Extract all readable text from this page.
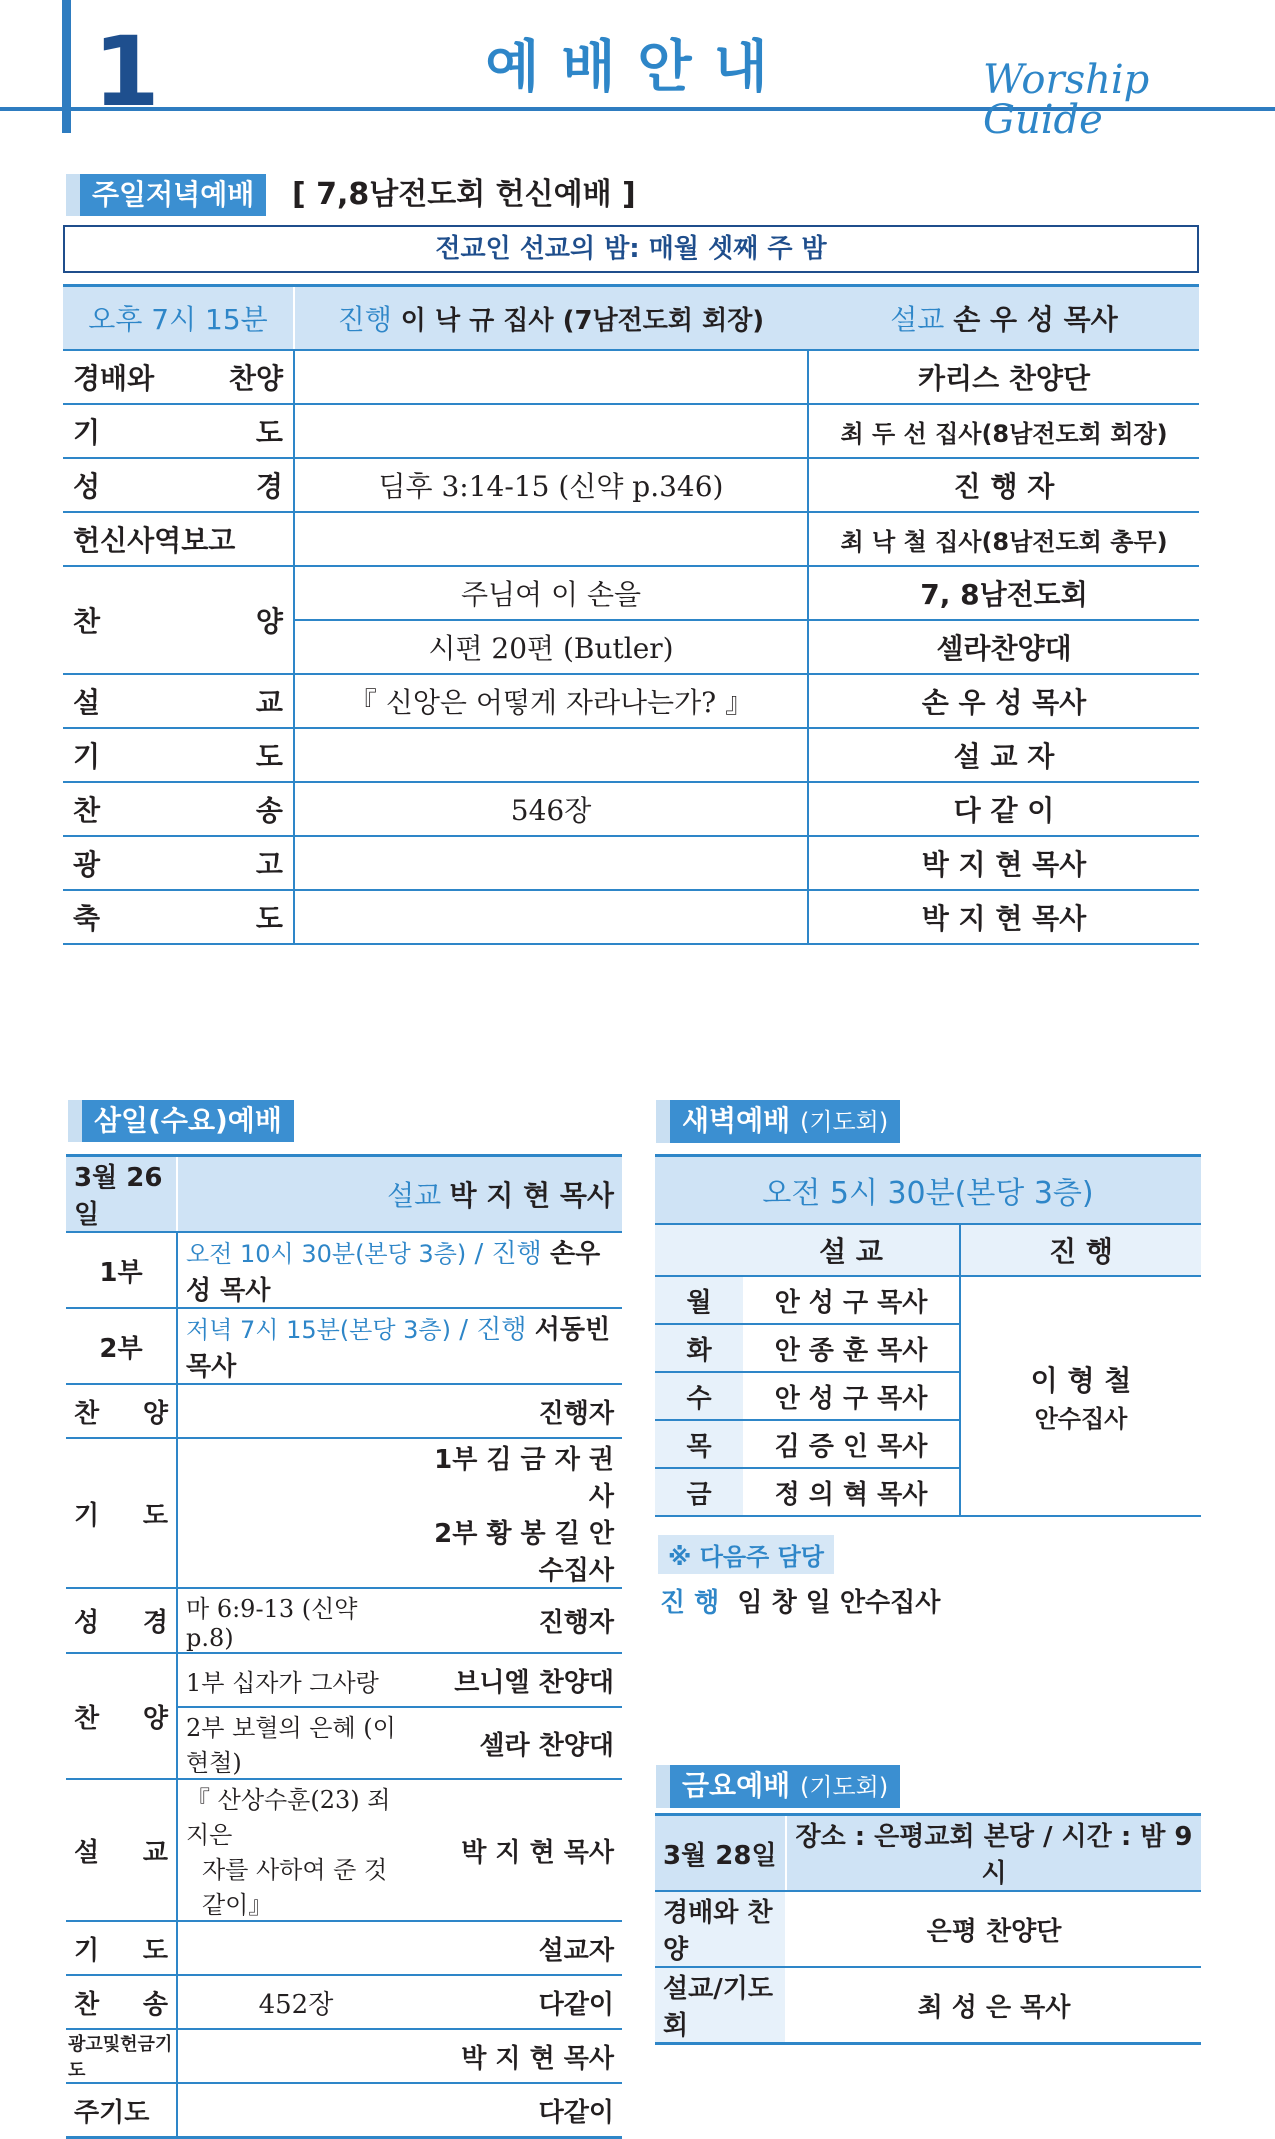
1	예배안내	Worship Guide
주일저녁예배	[ 7,8남전도회 헌신예배 ]
전교인 선교의 밤: 매월 셋째 주 밤
오후 7시 15분	진행 이 낙 규 집사 (7남전도회 회장)	설교 손 우 성 목사
경배와 찬양		카리스 찬양단
기 도		최 두 선 집사(8남전도회 회장)
성 경	딤후 3:14-15 (신약 p.346)	진 행 자
헌신사역보고		최 낙 철 집사(8남전도회 총무)
찬 양	주님여 이 손을	7, 8남전도회
	시편 20편 (Butler)	셀라찬양대
설 교	『 신앙은 어떻게 자라나는가? 』	손 우 성 목사
기 도		설 교 자
찬 송	546장	다 같 이
광 고		박 지 현 목사
축 도		박 지 현 목사
삼일(수요)예배
3월 26일	설교 박 지 현 목사	
1부	오전 10시 30분(본당 3층) / 진행 손우성 목사	
2부	저녁 7시 15분(본당 3층) / 진행 서동빈 목사	
찬 양		진행자
기 도		1부 김 금 자 권사
		2부 황 봉 길 안수집사
성 경	마 6:9-13 (신약 p.8)	진행자
찬 양	1부 십자가 그사랑	브니엘 찬양대
	2부 보혈의 은혜 (이현철)	셀라 찬양대
설 교	『 산상수훈(23) 죄 지은	박 지 현 목사
	자를 사하여 준 것 같이』	
기 도		설교자
찬 송	452장	다같이
광고및헌금기도		박 지 현 목사
주기도		다같이
새벽예배 (기도회)
오전 5시 30분(본당 3층)		
	설 교	진 행
월	안 성 구 목사	이 형 철
안수집사

화	안 종 훈 목사	
수	안 성 구 목사	
목	김 증 인 목사	
금	정 의 혁 목사	
※ 다음주 담당
진 행 임 창 일 안수집사
금요예배 (기도회)
3월 28일	장소 : 은평교회 본당 / 시간 : 밤 9시
경배와 찬양	은평 찬양단
설교/기도회	최 성 은 목사
